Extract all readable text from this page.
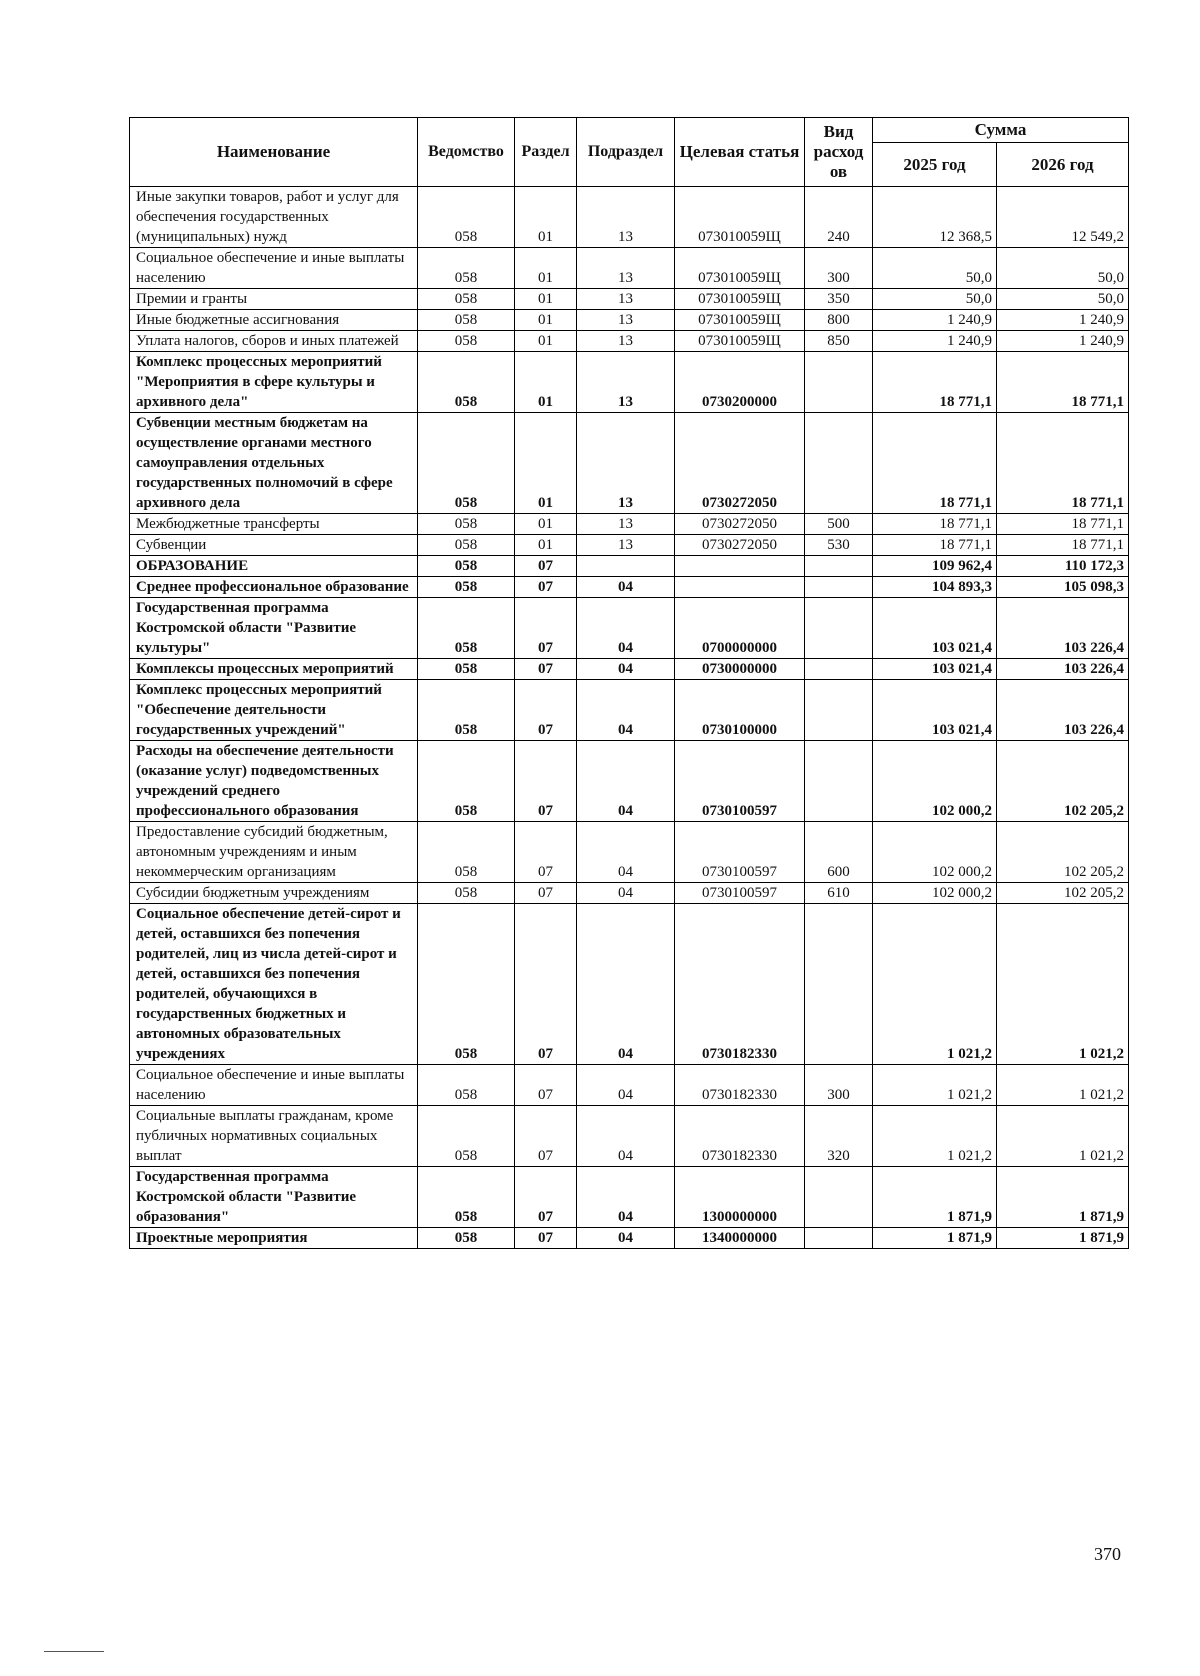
Наименование	Ведомство	Раздел	Подраздел	Целевая статья	Вид расход ов	Сумма	
						2025 год	2026 год
Иные закупки товаров, работ и услуг для обеспечения государственных (муниципальных) нужд	058	01	13	073010059Щ	240	12 368,5	12 549,2
Социальное обеспечение и иные выплаты населению	058	01	13	073010059Щ	300	50,0	50,0
Премии и гранты	058	01	13	073010059Щ	350	50,0	50,0
Иные бюджетные ассигнования	058	01	13	073010059Щ	800	1 240,9	1 240,9
Уплата налогов, сборов и иных платежей	058	01	13	073010059Щ	850	1 240,9	1 240,9
Комплекс процессных мероприятий "Мероприятия в сфере культуры и архивного дела"	058	01	13	0730200000		18 771,1	18 771,1
Субвенции местным бюджетам на осуществление органами местного самоуправления отдельных государственных полномочий в сфере архивного дела	058	01	13	0730272050		18 771,1	18 771,1
Межбюджетные трансферты	058	01	13	0730272050	500	18 771,1	18 771,1
Субвенции	058	01	13	0730272050	530	18 771,1	18 771,1
ОБРАЗОВАНИЕ	058	07				109 962,4	110 172,3
Среднее профессиональное образование	058	07	04			104 893,3	105 098,3
Государственная программа Костромской области "Развитие культуры"	058	07	04	0700000000		103 021,4	103 226,4
Комплексы процессных мероприятий	058	07	04	0730000000		103 021,4	103 226,4
Комплекс процессных мероприятий "Обеспечение деятельности государственных учреждений"	058	07	04	0730100000		103 021,4	103 226,4
Расходы на обеспечение деятельности (оказание услуг) подведомственных учреждений среднего профессионального образования	058	07	04	0730100597		102 000,2	102 205,2
Предоставление субсидий бюджетным, автономным учреждениям и иным некоммерческим организациям	058	07	04	0730100597	600	102 000,2	102 205,2
Субсидии бюджетным учреждениям	058	07	04	0730100597	610	102 000,2	102 205,2
Социальное обеспечение детей-сирот и детей, оставшихся без попечения родителей, лиц из числа детей-сирот и детей, оставшихся без попечения родителей, обучающихся в государственных бюджетных и автономных образовательных учреждениях	058	07	04	0730182330		1 021,2	1 021,2
Социальное обеспечение и иные выплаты населению	058	07	04	0730182330	300	1 021,2	1 021,2
Социальные выплаты гражданам, кроме публичных нормативных социальных выплат	058	07	04	0730182330	320	1 021,2	1 021,2
Государственная программа Костромской области "Развитие образования"	058	07	04	1300000000		1 871,9	1 871,9
Проектные мероприятия	058	07	04	1340000000		1 871,9	1 871,9
370
